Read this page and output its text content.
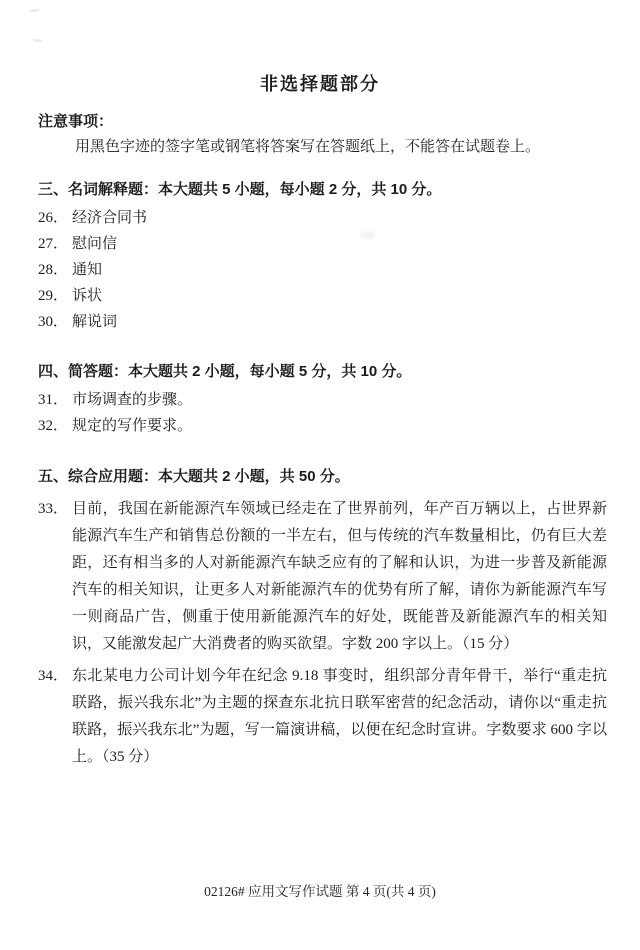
非选择题部分
注意事项：
用黑色字迹的签字笔或钢笔将答案写在答题纸上，不能答在试题卷上。
三、名词解释题：本大题共 5 小题，每小题 2 分，共 10 分。
26． 经济合同书
27． 慰问信
28． 通知
29． 诉状
30． 解说词
四、简答题：本大题共 2 小题，每小题 5 分，共 10 分。
31． 市场调查的步骤。
32． 规定的写作要求。
五、综合应用题：本大题共 2 小题，共 50 分。
33． 目前，我国在新能源汽车领域已经走在了世界前列，年产百万辆以上，占世界新能源汽车生产和销售总份额的一半左右，但与传统的汽车数量相比，仍有巨大差距，还有相当多的人对新能源汽车缺乏应有的了解和认识，为进一步普及新能源汽车的相关知识，让更多人对新能源汽车的优势有所了解，请你为新能源汽车写一则商品广告，侧重于使用新能源汽车的好处，既能普及新能源汽车的相关知识，又能激发起广大消费者的购买欲望。字数 200 字以上。（15 分）
34． 东北某电力公司计划今年在纪念 9.18 事变时，组织部分青年骨干，举行“重走抗联路，振兴我东北”为主题的探查东北抗日联军密营的纪念活动，请你以“重走抗联路，振兴我东北”为题，写一篇演讲稿，以便在纪念时宣讲。字数要求 600 字以上。（35 分）
02126# 应用文写作试题 第 4 页(共 4 页)
